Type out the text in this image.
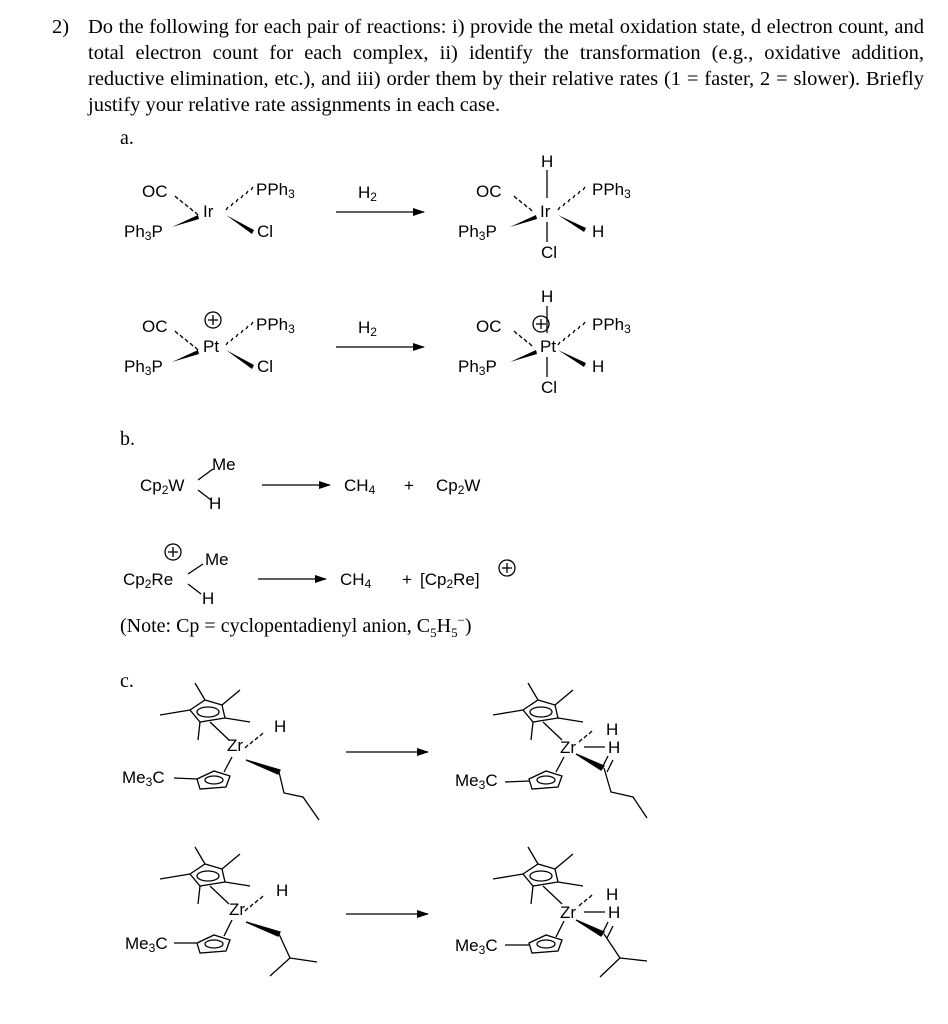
2) Do the following for each pair of reactions: i) provide the metal oxidation state, d electron count, and total electron count for each complex, ii) identify the transformation (e.g., oxidative addition, reductive elimination, etc.), and iii) order them by their relative rates (1 = faster, 2 = slower). Briefly justify your relative rate assignments in each case.
a.
b.
c.
OC
Ir
PPh$_3$
$Ph_3P$	Cl
$H_2$
H
OC
Ir
PPh$_3$
$Ph_3P$	H
Cl
OC
Pt
PPh$_3$
$Ph_3P$	Cl
$H_2$
H
OC
Pt
PPh$_3$
$Ph_3P$	H
Cl
Me
$Cp_2W$
H
$CH_4 + Cp_2W$
Me
$Cp_2Re$
H
$CH_4 + [Cp_2Re]$
(Note: Cp = cyclopentadienyl anion, $C_5H_5^-$)
Zr
H
$Me_3C$
Zr
H
H
$Me_3C$
Zr
H
$Me_3C$
Zr
H
H
$Me_3C$
